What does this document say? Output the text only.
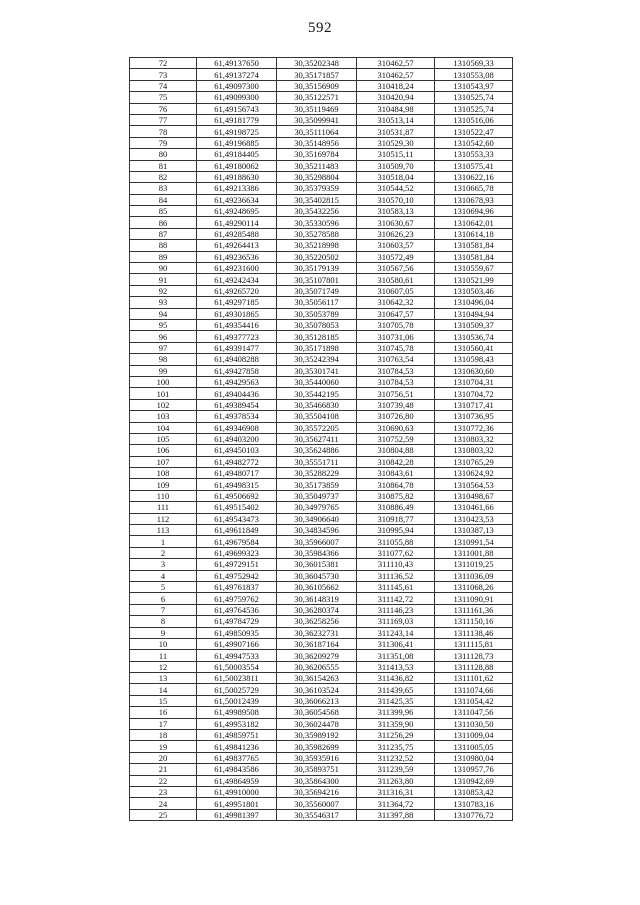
592
72	61,49137650	30,35202348	310462,57	1310569,33
73	61,49137274	30,35171857	310462,57	1310553,08
74	61,49097300	30,35156909	310418,24	1310543,97
75	61,49099300	30,35122571	310420,94	1310525,74
76	61,49156743	30,35119469	310484,98	1310525,74
77	61,49181779	30,35099941	310513,14	1310516,06
78	61,49198725	30,35111064	310531,87	1310522,47
79	61,49196885	30,35148956	310529,30	1310542,60
80	61,49184405	30,35169784	310515,11	1310553,33
81	61,49180062	30,35211483	310509,70	1310575,41
82	61,49188630	30,35298804	310518,04	1310622,16
83	61,49213386	30,35379359	310544,52	1310665,78
84	61,49236634	30,35402815	310570,10	1310678,93
85	61,49248695	30,35432256	310583,13	1310694,96
86	61,49290114	30,35330596	310630,67	1310642,01
87	61,49285488	30,35278588	310626,23	1310614,18
88	61,49264413	30,35218998	310603,57	1310581,84
89	61,49236536	30,35220502	310572,49	1310581,84
90	61,49231600	30,35179139	310567,56	1310559,67
91	61,49242434	30,35107801	310580,61	1310521,99
92	61,49265720	30,35071749	310607,05	1310503,46
93	61,49297185	30,35056117	310642,32	1310496,04
94	61,49301865	30,35053789	310647,57	1310494,94
95	61,49354416	30,35078053	310705,78	1310509,37
96	61,49377723	30,35128185	310731,06	1310536,74
97	61,49391477	30,35171898	310745,78	1310560,41
98	61,49408288	30,35242394	310763,54	1310598,43
99	61,49427858	30,35301741	310784,53	1310630,60
100	61,49429563	30,35440060	310784,53	1310704,31
101	61,49404436	30,35442195	310756,51	1310704,72
102	61,49389454	30,35466830	310739,48	1310717,41
103	61,49378534	30,35504108	310726,80	1310736,95
104	61,49346908	30,35572205	310690,63	1310772,36
105	61,49403200	30,35627411	310752,59	1310803,32
106	61,49450103	30,35624886	310804,88	1310803,32
107	61,49482772	30,35551711	310842,28	1310765,29
108	61,49480717	30,35288229	310843,61	1310624,92
109	61,49498315	30,35173859	310864,78	1310564,53
110	61,49506692	30,35049737	310875,82	1310498,67
111	61,49515402	30,34979765	310886,49	1310461,66
112	61,49543473	30,34906640	310918,77	1310423,53
113	61,49611849	30,34834596	310995,94	1310387,13
1	61,49679584	30,35966007	311055,88	1310991,54
2	61,49699323	30,35984366	311077,62	1311001,88
3	61,49729151	30,36015381	311110,43	1311019,25
4	61,49752942	30,36045730	311136,52	1311036,09
5	61,49761837	30,36105662	311145,61	1311068,26
6	61,49759762	30,36148319	311142,72	1311090,91
7	61,49764536	30,36280374	311146,23	1311161,36
8	61,49784729	30,36258256	311169,03	1311150,16
9	61,49850935	30,36232731	311243,14	1311138,46
10	61,49907166	30,36187164	311306,41	1311115,81
11	61,49947533	30,36209279	311351,08	1311128,73
12	61,50003554	30,36206555	311413,53	1311128,88
13	61,50023811	30,36154263	311436,82	1311101,62
14	61,50025729	30,36103524	311439,65	1311074,66
15	61,50012439	30,36066213	311425,35	1311054,42
16	61,49989508	30,36054568	311399,96	1311047,56
17	61,49953182	30,36024478	311359,90	1311030,50
18	61,49859751	30,35989192	311256,29	1311009,04
19	61,49841236	30,35982699	311235,75	1311005,05
20	61,49837765	30,35935916	311232,52	1310980,04
21	61,49843586	30,35893751	311239,59	1310957,76
22	61,49864959	30,35864300	311263,80	1310942,69
23	61,49910000	30,35694216	311316,31	1310853,42
24	61,49951801	30,35560007	311364,72	1310783,16
25	61,49981397	30,35546317	311397,88	1310776,72
